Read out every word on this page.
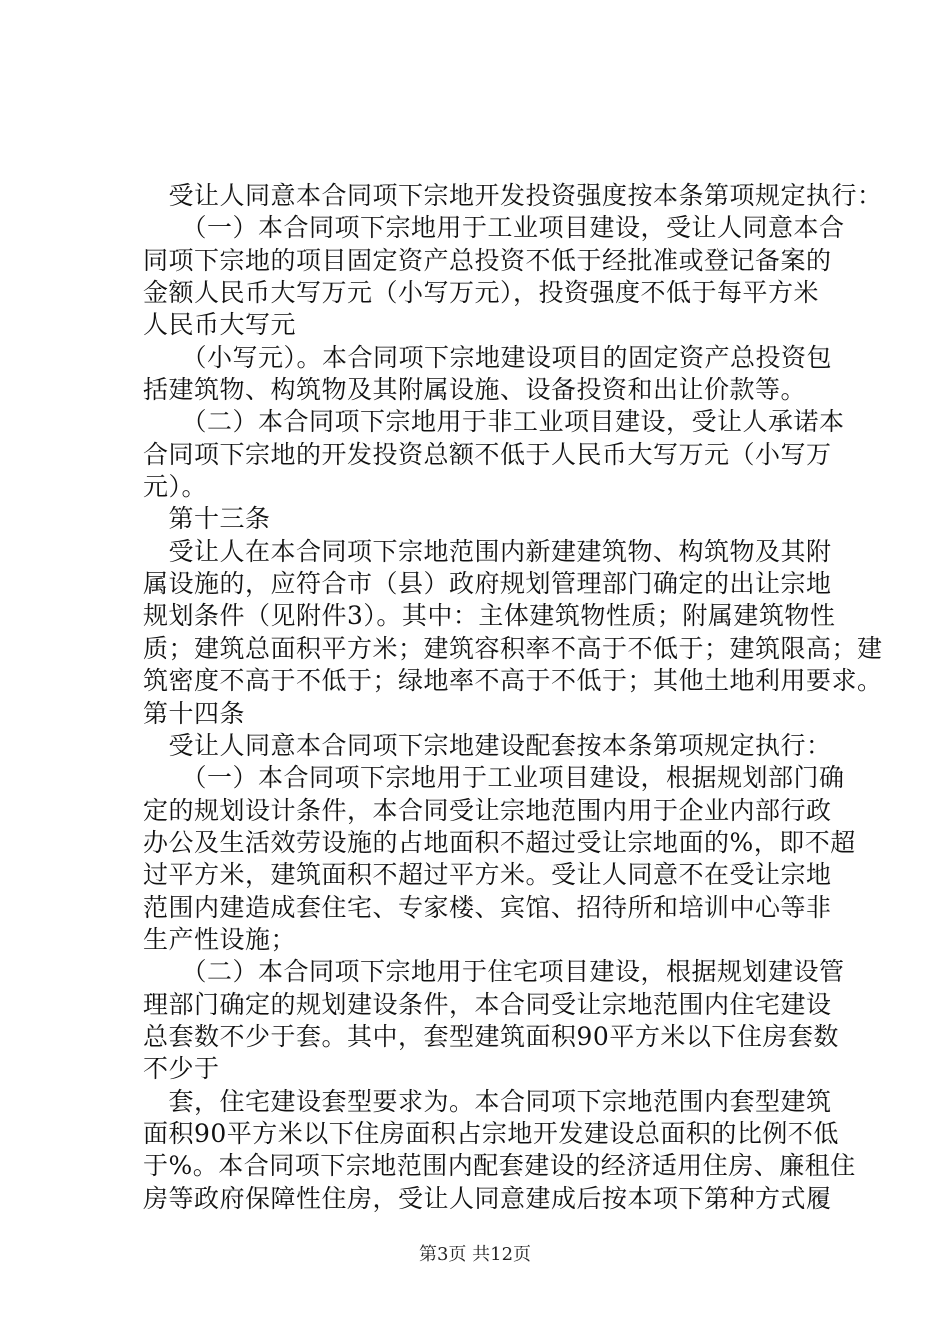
　受让人同意本合同项下宗地开发投资强度按本条第项规定执行：
　　（一）本合同项下宗地用于工业项目建设，受让人同意本合
同项下宗地的项目固定资产总投资不低于经批准或登记备案的
金额人民币大写万元（小写万元），投资强度不低于每平方米
人民币大写元
　　（小写元）。本合同项下宗地建设项目的固定资产总投资包
括建筑物、构筑物及其附属设施、设备投资和出让价款等。
　　（二）本合同项下宗地用于非工业项目建设，受让人承诺本
合同项下宗地的开发投资总额不低于人民币大写万元（小写万
元）。
　第十三条
　受让人在本合同项下宗地范围内新建建筑物、构筑物及其附
属设施的，应符合市（县）政府规划管理部门确定的出让宗地
规划条件（见附件3）。其中：主体建筑物性质；附属建筑物性
质；建筑总面积平方米；建筑容积率不高于不低于；建筑限高；建
筑密度不高于不低于；绿地率不高于不低于；其他土地利用要求。
第十四条
　受让人同意本合同项下宗地建设配套按本条第项规定执行：
　　（一）本合同项下宗地用于工业项目建设，根据规划部门确
定的规划设计条件，本合同受让宗地范围内用于企业内部行政
办公及生活效劳设施的占地面积不超过受让宗地面的%，即不超
过平方米，建筑面积不超过平方米。受让人同意不在受让宗地
范围内建造成套住宅、专家楼、宾馆、招待所和培训中心等非
生产性设施；
　　（二）本合同项下宗地用于住宅项目建设，根据规划建设管
理部门确定的规划建设条件，本合同受让宗地范围内住宅建设
总套数不少于套。其中，套型建筑面积90平方米以下住房套数
不少于
　套，住宅建设套型要求为。本合同项下宗地范围内套型建筑
面积90平方米以下住房面积占宗地开发建设总面积的比例不低
于%。本合同项下宗地范围内配套建设的经济适用住房、廉租住
房等政府保障性住房，受让人同意建成后按本项下第种方式履
第3页 共12页
